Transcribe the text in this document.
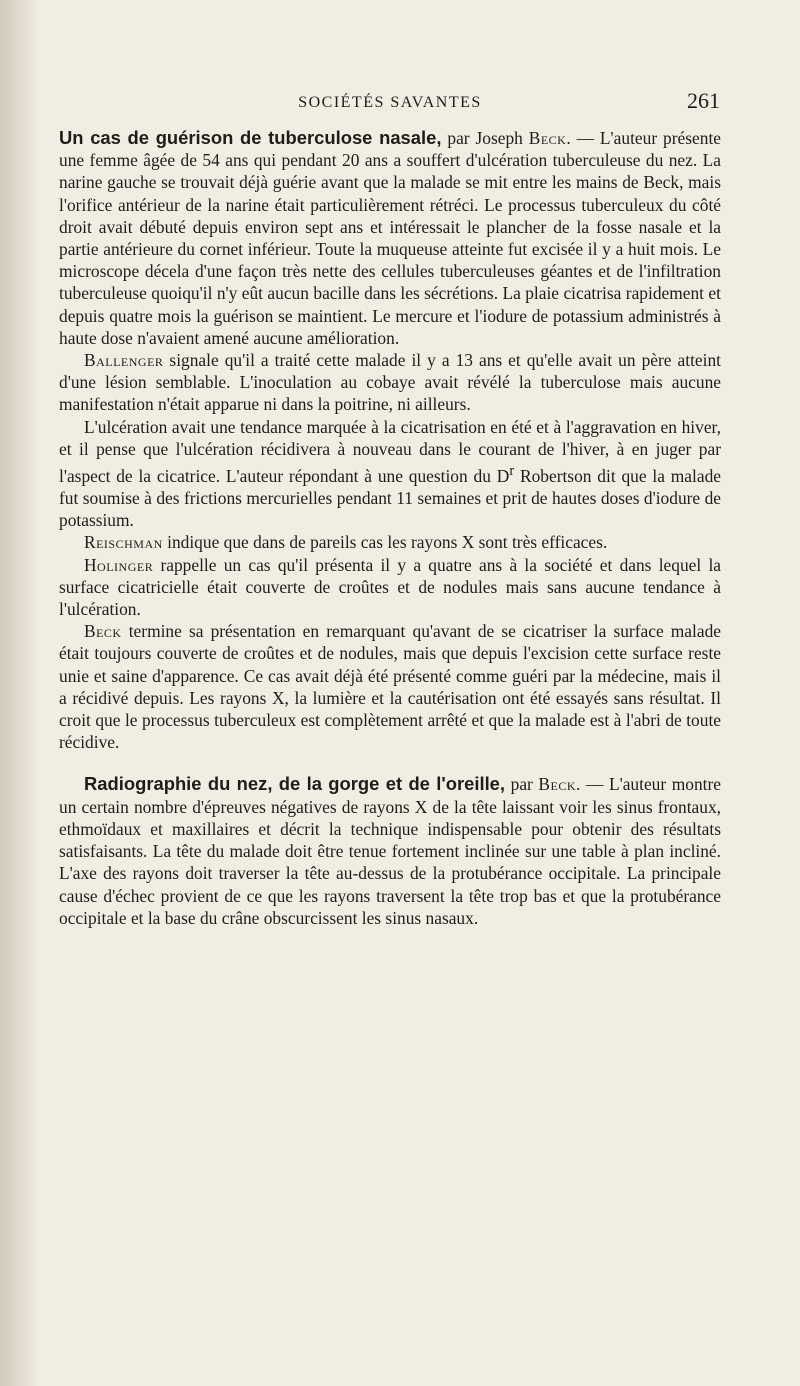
SOCIÉTÉS SAVANTES	261

Un cas de guérison de tuberculose nasale, par Joseph Beck. — L'auteur présente une femme âgée de 54 ans qui pendant 20 ans a souffert d'ulcération tuberculeuse du nez. La narine gauche se trouvait déjà guérie avant que la malade se mit entre les mains de Beck, mais l'orifice antérieur de la narine était particulièrement rétréci. Le processus tuberculeux du côté droit avait débuté depuis environ sept ans et intéressait le plancher de la fosse nasale et la partie antérieure du cornet inférieur. Toute la muqueuse atteinte fut excisée il y a huit mois. Le microscope décela d'une façon très nette des cellules tuberculeuses géantes et de l'infiltration tuberculeuse quoiqu'il n'y eût aucun bacille dans les sécrétions. La plaie cicatrisa rapidement et depuis quatre mois la guérison se maintient. Le mercure et l'iodure de potassium administrés à haute dose n'avaient amené aucune amélioration.

Ballenger signale qu'il a traité cette malade il y a 13 ans et qu'elle avait un père atteint d'une lésion semblable. L'inoculation au cobaye avait révélé la tuberculose mais aucune manifestation n'était apparue ni dans la poitrine, ni ailleurs.

L'ulcération avait une tendance marquée à la cicatrisation en été et à l'aggravation en hiver, et il pense que l'ulcération récidivera à nouveau dans le courant de l'hiver, à en juger par l'aspect de la cicatrice. L'auteur répondant à une question du $D^r$ Robertson dit que la malade fut soumise à des frictions mercurielles pendant 11 semaines et prit de hautes doses d'iodure de potassium.

Reischman indique que dans de pareils cas les rayons X sont très efficaces.

Holinger rappelle un cas qu'il présenta il y a quatre ans à la société et dans lequel la surface cicatricielle était couverte de croûtes et de nodules mais sans aucune tendance à l'ulcération.

Beck termine sa présentation en remarquant qu'avant de se cicatriser la surface malade était toujours couverte de croûtes et de nodules, mais que depuis l'excision cette surface reste unie et saine d'apparence. Ce cas avait déjà été présenté comme guéri par la médecine, mais il a récidivé depuis. Les rayons X, la lumière et la cautérisation ont été essayés sans résultat. Il croit que le processus tuberculeux est complètement arrêté et que la malade est à l'abri de toute récidive.

Radiographie du nez, de la gorge et de l'oreille, par Beck. — L'auteur montre un certain nombre d'épreuves négatives de rayons X de la tête laissant voir les sinus frontaux, ethmoïdaux et maxillaires et décrit la technique indispensable pour obtenir des résultats satisfaisants. La tête du malade doit être tenue fortement inclinée sur une table à plan incliné. L'axe des rayons doit traverser la tête au-dessus de la protubérance occipitale. La principale cause d'échec provient de ce que les rayons traversent la tête trop bas et que la protubérance occipitale et la base du crâne obscurcissent les sinus nasaux.
